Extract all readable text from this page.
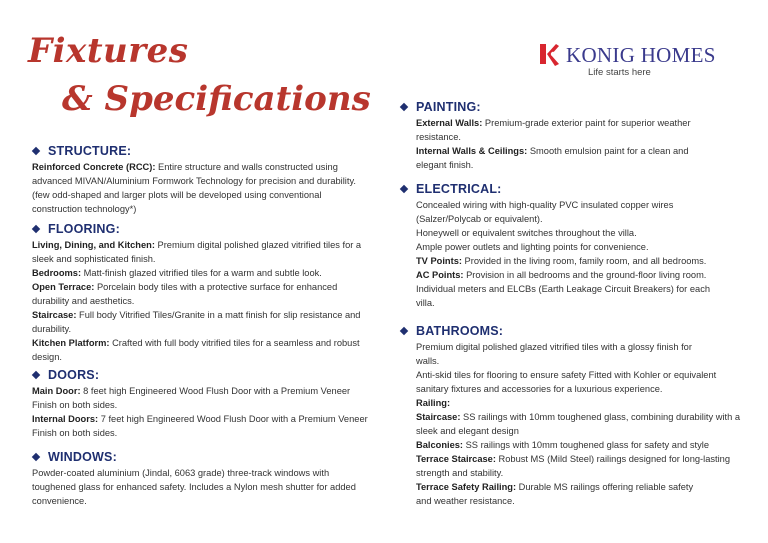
Fixtures
& Specifications
KONIG HOMES
Life starts here
STRUCTURE:

Reinforced Concrete (RCC): Entire structure and walls constructed using advanced MIVAN/Aluminium Formwork Technology for precision and durability. (few odd-shaped and larger plots will be developed using conventional construction technology*)

FLOORING:

Living, Dining, and Kitchen: Premium digital polished glazed vitrified tiles for a sleek and sophisticated finish.

Bedrooms: Matt-finish glazed vitrified tiles for a warm and subtle look.

Open Terrace: Porcelain body tiles with a protective surface for enhanced durability and aesthetics.

Staircase: Full body Vitrified Tiles/Granite in a matt finish for slip resistance and durability.

Kitchen Platform: Crafted with full body vitrified tiles for a seamless and robust design.

DOORS:

Main Door: 8 feet high Engineered Wood Flush Door with a Premium Veneer Finish on both sides.

Internal Doors: 7 feet high Engineered Wood Flush Door with a Premium Veneer Finish on both sides.

WINDOWS:

Powder-coated aluminium (Jindal, 6063 grade) three-track windows with toughened glass for enhanced safety. Includes a Nylon mesh shutter for added convenience.

PAINTING:

External Walls: Premium-grade exterior paint for superior weather resistance.

Internal Walls & Ceilings: Smooth emulsion paint for a clean and elegant finish.

ELECTRICAL:

Concealed wiring with high-quality PVC insulated copper wires (Salzer/Polycab or equivalent).

Honeywell or equivalent switches throughout the villa.

Ample power outlets and lighting points for convenience.

TV Points: Provided in the living room, family room, and all bedrooms.

AC Points: Provision in all bedrooms and the ground-floor living room.

Individual meters and ELCBs (Earth Leakage Circuit Breakers) for each villa.

BATHROOMS:

Premium digital polished glazed vitrified tiles with a glossy finish for walls.

Anti-skid tiles for flooring to ensure safety Fitted with Kohler or equivalent sanitary fixtures and accessories for a luxurious experience.

Railing:

Staircase: SS railings with 10mm toughened glass, combining durability with a sleek and elegant design

Balconies: SS railings with 10mm toughened glass for safety and style

Terrace Staircase: Robust MS (Mild Steel) railings designed for long-lasting strength and stability.

Terrace Safety Railing: Durable MS railings offering reliable safety and weather resistance.
